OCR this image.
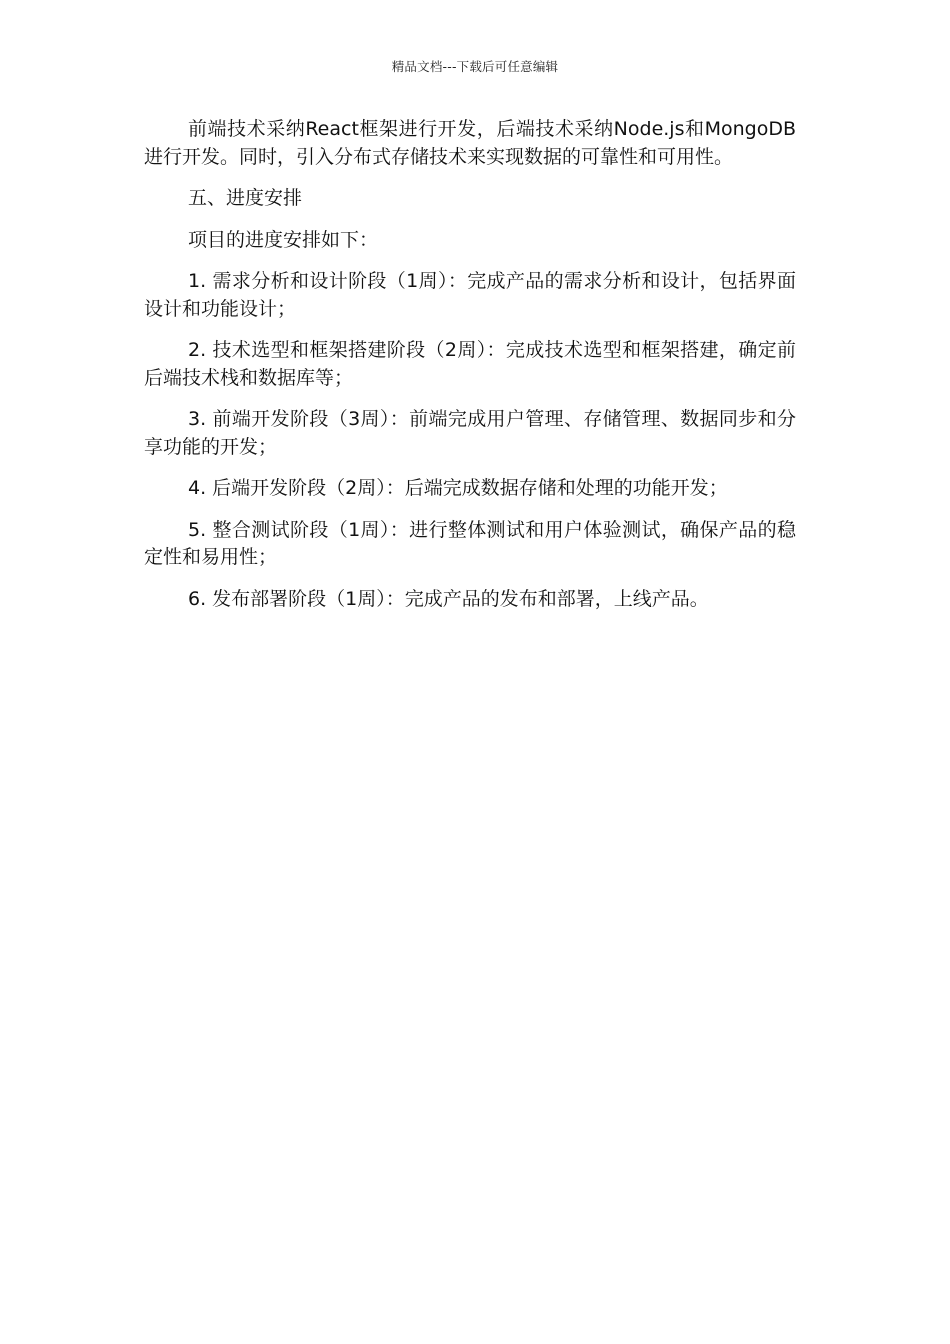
精品文档---下载后可任意编辑

前端技术采纳React框架进行开发，后端技术采纳Node.js和MongoDB进行开发。同时，引入分布式存储技术来实现数据的可靠性和可用性。

五、进度安排

项目的进度安排如下：

1. 需求分析和设计阶段（1周）：完成产品的需求分析和设计，包括界面设计和功能设计；

2. 技术选型和框架搭建阶段（2周）：完成技术选型和框架搭建，确定前后端技术栈和数据库等；

3. 前端开发阶段（3周）：前端完成用户管理、存储管理、数据同步和分享功能的开发；

4. 后端开发阶段（2周）：后端完成数据存储和处理的功能开发；

5. 整合测试阶段（1周）：进行整体测试和用户体验测试，确保产品的稳定性和易用性；

6. 发布部署阶段（1周）：完成产品的发布和部署，上线产品。
